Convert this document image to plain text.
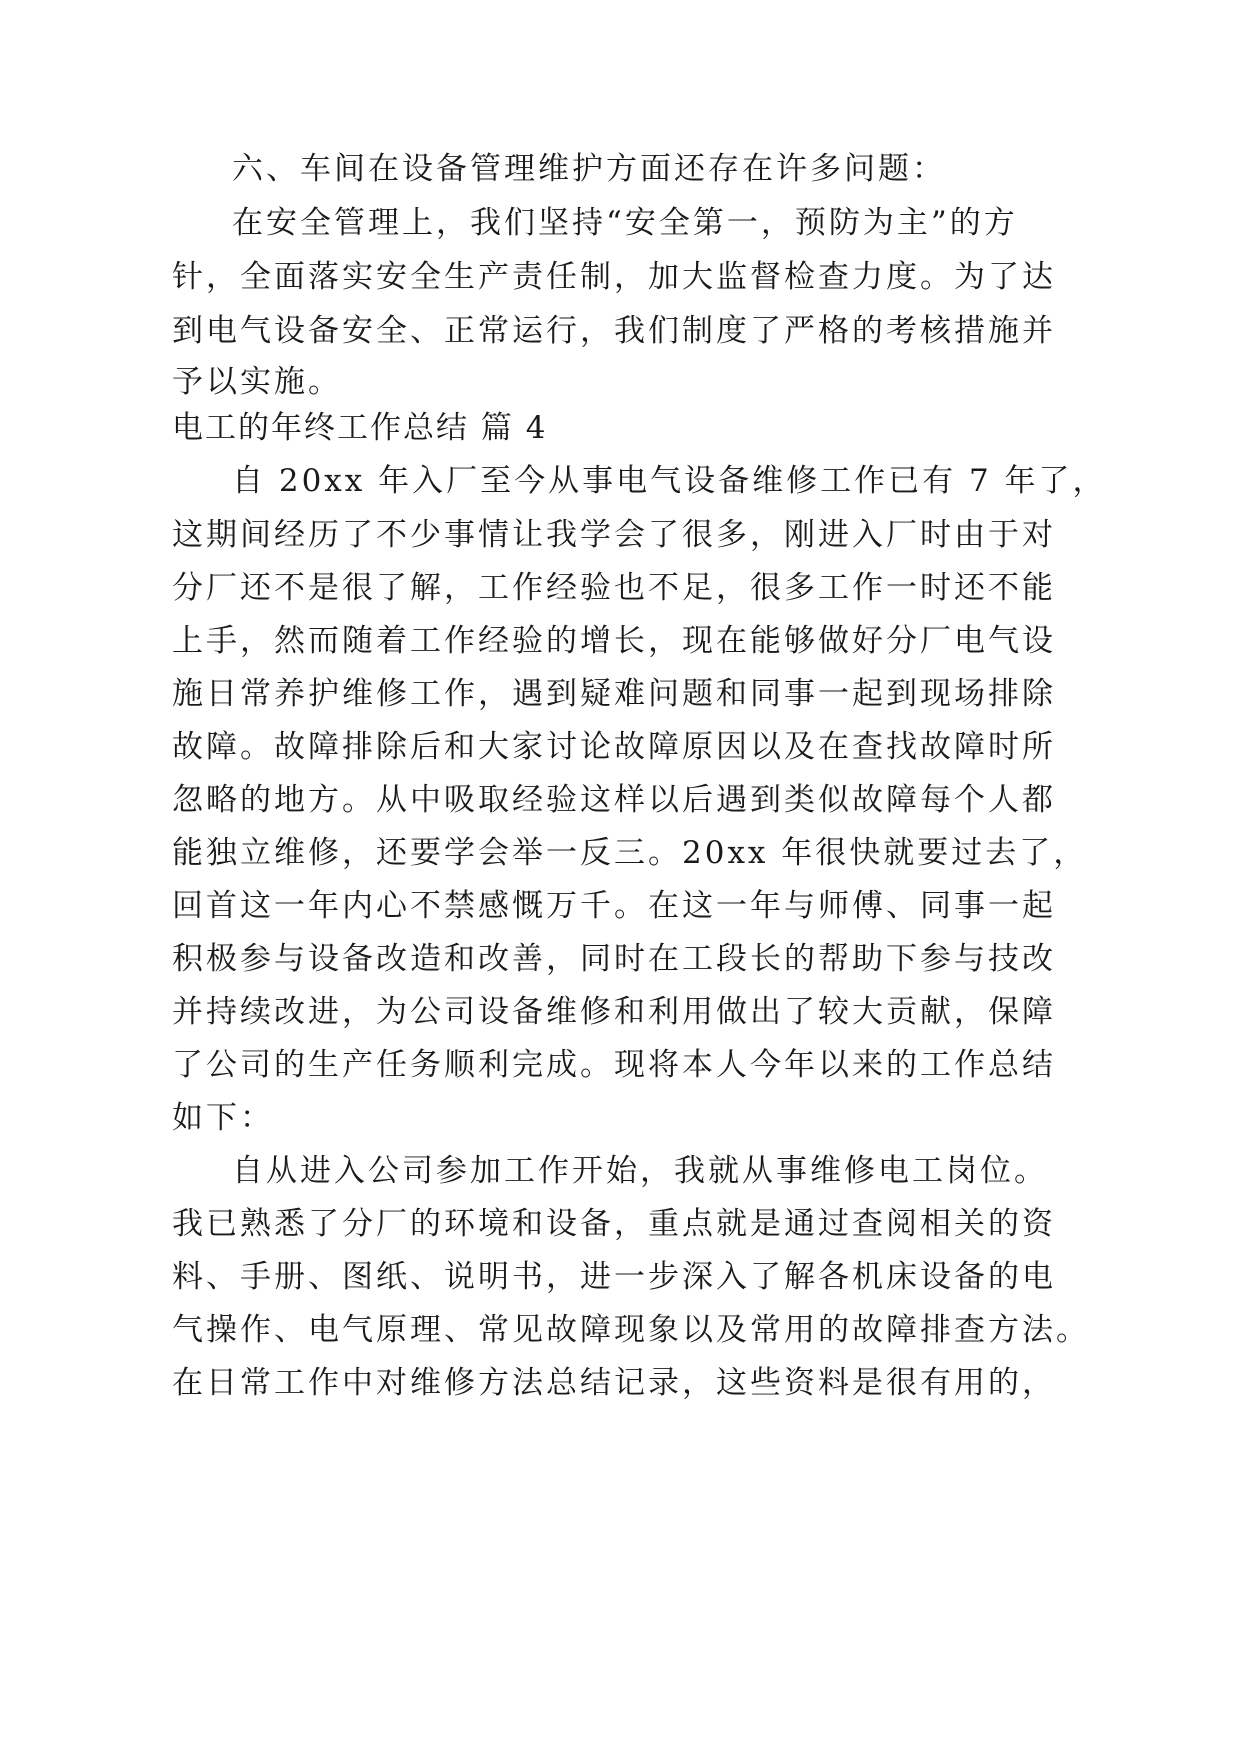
六、车间在设备管理维护方面还存在许多问题：
在安全管理上，我们坚持“安全第一，预防为主”的方
针，全面落实安全生产责任制，加大监督检查力度。为了达
到电气设备安全、正常运行，我们制度了严格的考核措施并
予以实施。
电工的年终工作总结 篇 4
自 20xx 年入厂至今从事电气设备维修工作已有 7 年了，
这期间经历了不少事情让我学会了很多，刚进入厂时由于对
分厂还不是很了解，工作经验也不足，很多工作一时还不能
上手，然而随着工作经验的增长，现在能够做好分厂电气设
施日常养护维修工作，遇到疑难问题和同事一起到现场排除
故障。故障排除后和大家讨论故障原因以及在查找故障时所
忽略的地方。从中吸取经验这样以后遇到类似故障每个人都
能独立维修，还要学会举一反三。20xx 年很快就要过去了，
回首这一年内心不禁感慨万千。在这一年与师傅、同事一起
积极参与设备改造和改善，同时在工段长的帮助下参与技改
并持续改进，为公司设备维修和利用做出了较大贡献，保障
了公司的生产任务顺利完成。现将本人今年以来的工作总结
如下：
自从进入公司参加工作开始，我就从事维修电工岗位。
我已熟悉了分厂的环境和设备，重点就是通过查阅相关的资
料、手册、图纸、说明书，进一步深入了解各机床设备的电
气操作、电气原理、常见故障现象以及常用的故障排查方法。
在日常工作中对维修方法总结记录，这些资料是很有用的，
